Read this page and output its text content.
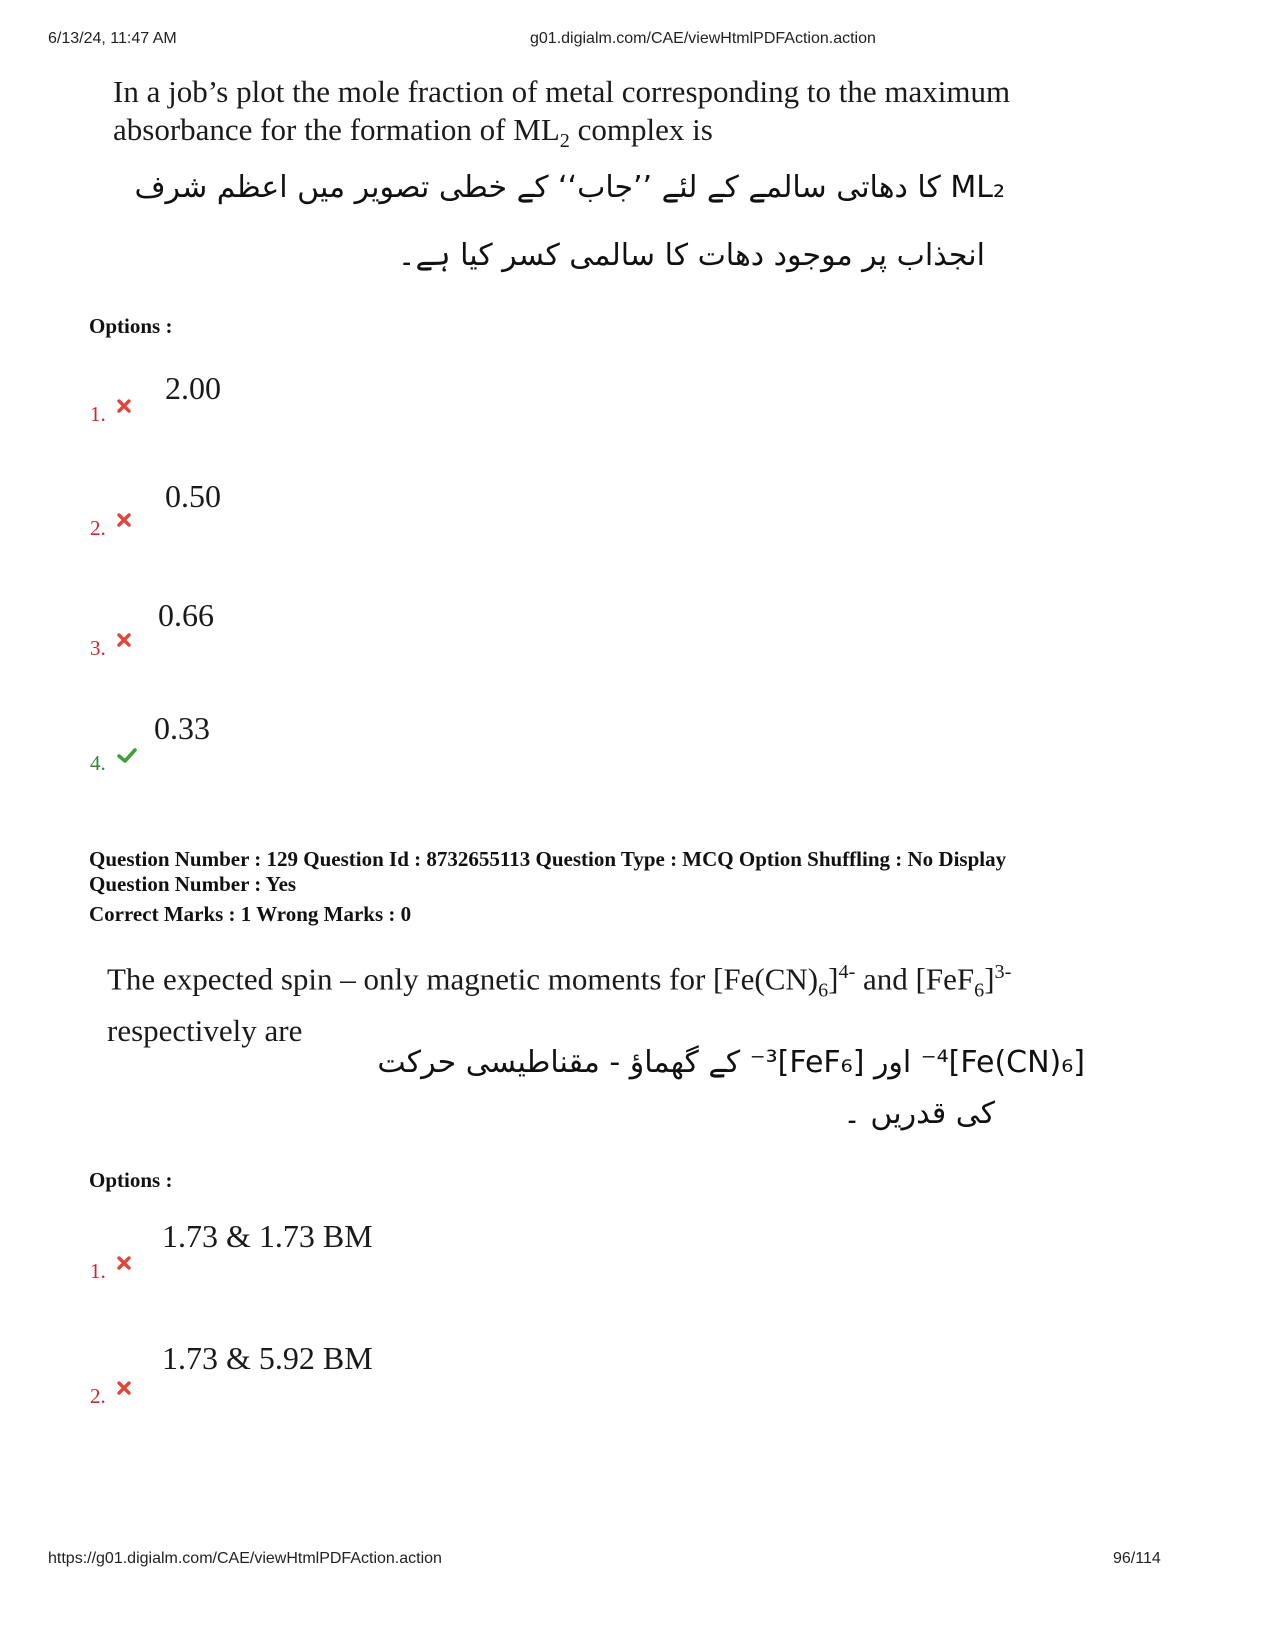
6/13/24, 11:47 AM	g01.digialm.com/CAE/viewHtmlPDFAction.action
In a job’s plot the mole fraction of metal corresponding to the maximum
absorbance for the formation of $ML_2$ complex is
ML₂ کا دھاتی سالمے کے لئے ’’جاب‘‘ کے خطی تصویر میں اعظم شرف
انجذاب پر موجود دھات کا سالمی کسر کیا ہے۔
Options :
2.00
1.
0.50
2.
0.66
3.
0.33
4.
Question Number : 129 Question Id : 8732655113 Question Type : MCQ Option Shuffling : No Display
Question Number : Yes
Correct Marks : 1 Wrong Marks : 0
The expected spin – only magnetic moments for $[Fe(CN)_6]^{4-}$ and $[FeF_6]^{3-}$
respectively are
[Fe(CN)₆]⁴⁻ اور [FeF₆]³⁻ کے گھماؤ - مقناطیسی حرکت
کی قدریں ۔
Options :
1.73 & 1.73 BM
1.
1.73 & 5.92 BM
2.
https://g01.digialm.com/CAE/viewHtmlPDFAction.action	96/114
